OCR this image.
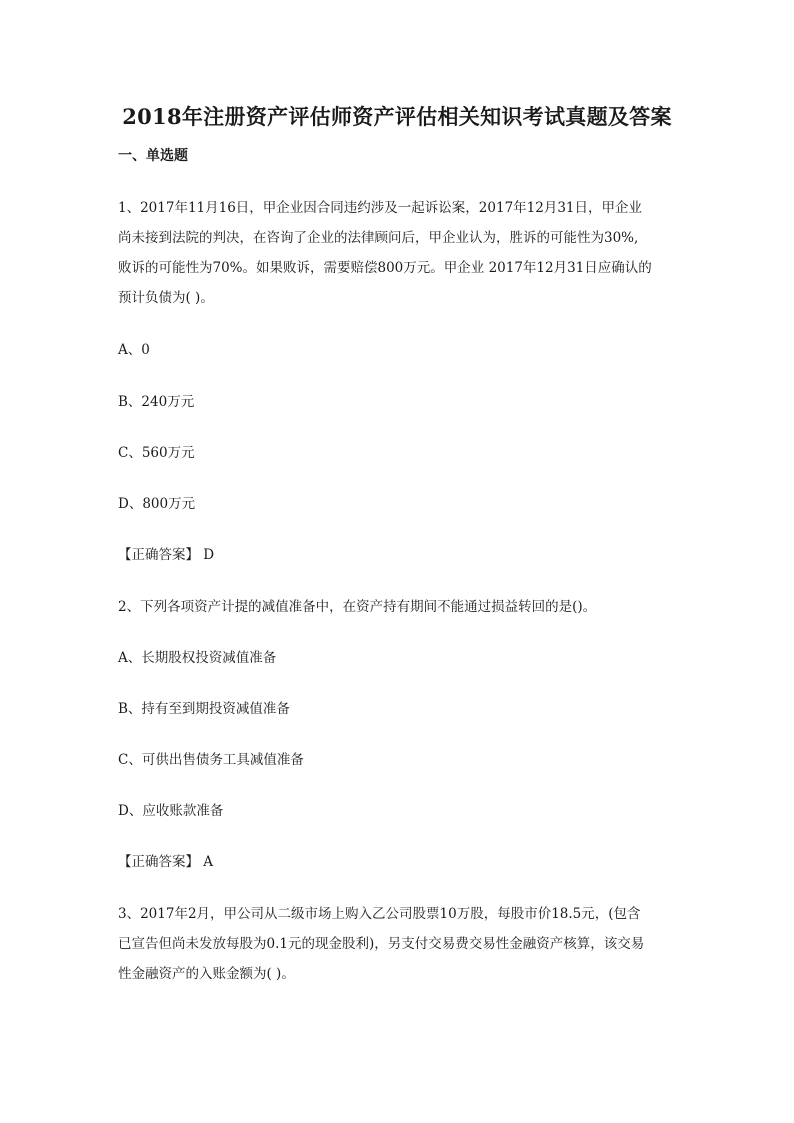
2018年注册资产评估师资产评估相关知识考试真题及答案
一、单选题
1、2017年11月16日，甲企业因合同违约涉及一起诉讼案，2017年12月31日，甲企业
尚未接到法院的判决，在咨询了企业的法律顾问后，甲企业认为，胜诉的可能性为30%,
败诉的可能性为70%。如果败诉，需要赔偿800万元。甲企业 2017年12月31日应确认的
预计负债为( )。
A、0
B、240万元
C、560万元
D、800万元
【正确答案】 D
2、下列各项资产计提的减值准备中，在资产持有期间不能通过损益转回的是()。
A、长期股权投资减值准备
B、持有至到期投资减值准备
C、可供出售债务工具减值准备
D、应收账款准备
【正确答案】 A
3、2017年2月，甲公司从二级市场上购入乙公司股票10万股，每股市价18.5元，(包含
已宣告但尚未发放每股为0.1元的现金股利)，另支付交易费交易性金融资产核算，该交易
性金融资产的入账金额为( )。
